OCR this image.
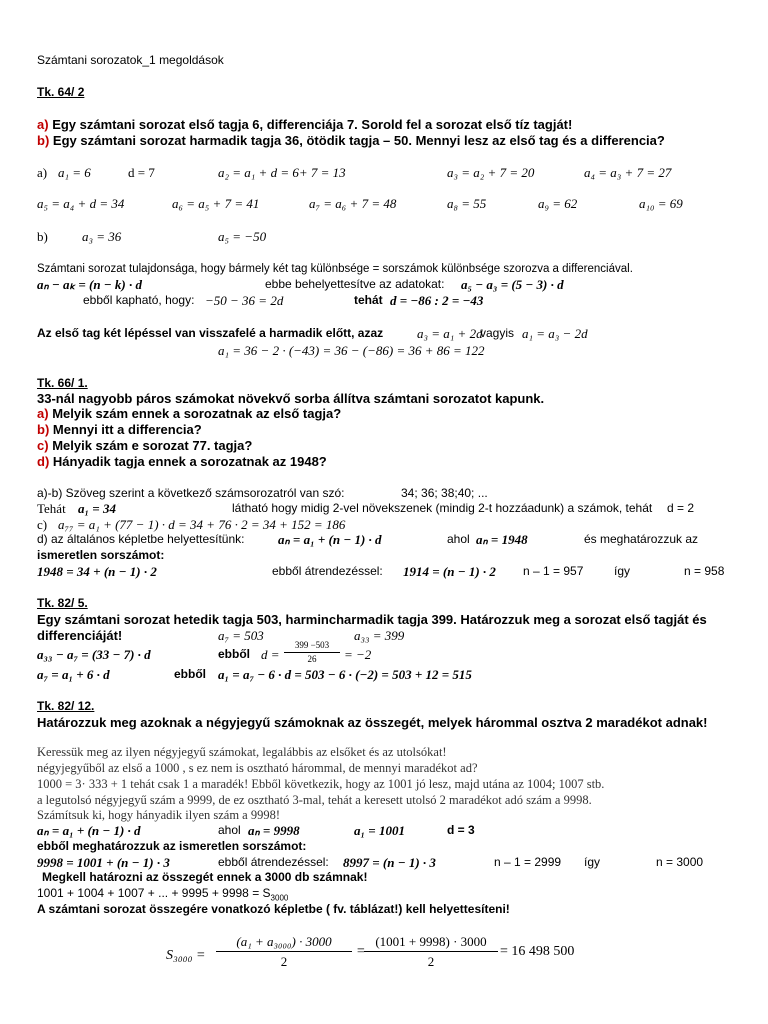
Számtani sorozatok_1 megoldások
Tk. 64/ 2
a) Egy számtani sorozat első tagja 6, differenciája 7. Sorold fel a sorozat első tíz tagját!
b) Egy számtani sorozat harmadik tagja 36, ötödik tagja – 50. Mennyi lesz az első tag és a differencia?
a) a₁ = 6	d = 7	a₂ = a₁ + d = 6+ 7 = 13	a₃ = a₂ + 7 = 20	a₄ = a₃ + 7 = 27
a₅ = a₄ + d = 34	a₆ = a₅ + 7 = 41	a₇ = a₆ + 7 = 48	a₈ = 55	a₉ = 62	a₁₀ = 69
b)	a₃ = 36	a₅ = −50
Számtani sorozat tulajdonsága, hogy bármely két tag különbsége = sorszámok különbsége szorozva a differenciával.
aₙ − aₖ = (n − k) · d	ebbe behelyettesítve az adatokat: a₅ − a₃ = (5 − 3) · d
ebből kapható, hogy: −50 − 36 = 2d	tehát d = −86 : 2 = −43
Az első tag két lépéssel van visszafelé a harmadik előtt, azaz	a₃ = a₁ + 2d
vagyis a₁ = a₃ − 2d
a₁ = 36 − 2 · (−43) = 36 − (−86) = 36 + 86 = 122
Tk. 66/ 1.
33-nál nagyobb páros számokat növekvő sorba állítva számtani sorozatot kapunk.
a) Melyik szám ennek a sorozatnak az első tagja?
b) Mennyi itt a differencia?
c) Melyik szám e sorozat 77. tagja?
d) Hányadik tagja ennek a sorozatnak az 1948?
a)-b) Szöveg szerint a következő számsorozatról van szó:	34; 36; 38;40; ...
Tehát a₁ = 34	látható hogy midig 2-vel növekszenek (mindig 2-t hozzáadunk) a számok, tehát d = 2
c) a₇₇ = a₁ + (77 − 1) · d = 34 + 76 · 2 = 34 + 152 = 186
d) az általános képletbe helyettesítünk:	aₙ = a₁ + (n − 1) · d	ahol aₙ = 1948	és meghatározzuk az
ismeretlen sorszámot:
1948 = 34 + (n − 1) · 2	ebből átrendezéssel: 1914 = (n − 1) · 2 n – 1 = 957	így	n = 958
Tk. 82/ 5.
Egy számtani sorozat hetedik tagja 503, harmincharmadik tagja 399. Határozzuk meg a sorozat első tagját és
differenciáját!	a₇ = 503	a₃₃ = 399
a₃₃ − a₇ = (33 − 7) · d	ebből d =
399 −503
26	= −2
a₇ = a₁ + 6 · d	ebből a₁ = a₇ − 6 · d = 503 − 6 · (−2) = 503 + 12 = 515
Tk. 82/ 12.
Határozzuk meg azoknak a négyjegyű számoknak az összegét, melyek hárommal osztva 2 maradékot adnak!
Keressük meg az ilyen négyjegyű számokat, legalábbis az elsőket és az utolsókat!
négyjegyűből az első a 1000 , s ez nem is osztható hárommal, de mennyi maradékot ad?
1000 = 3· 333 + 1 tehát csak 1 a maradék! Ebből következik, hogy az 1001 jó lesz, majd utána az 1004; 1007 stb.
a legutolsó négyjegyű szám a 9999, de ez osztható 3-mal, tehát a keresett utolsó 2 maradékot adó szám a 9998.
Számítsuk ki, hogy hányadik ilyen szám a 9998!
aₙ = a₁ + (n − 1) · d	ahol aₙ = 9998	a₁ = 1001	d = 3
ebből meghatározzuk az ismeretlen sorszámot:
9998 = 1001 + (n − 1) · 3	ebből átrendezéssel: 8997 = (n − 1) · 3	n – 1 = 2999 így	n = 3000
Megkell határozni az összegét ennek a 3000 db számnak!
1001 + 1004 + 1007 + ... + $9995 + 9998 = S_{3000}$
A számtani sorozat összegére vonatkozó képletbe ( fv. táblázat!) kell helyettesíteni!
S₃₀₀₀ =
(a₁ + a₃₀₀₀) · 3000
2
=
(1001 + 9998) · 3000
2
= 16 498 500
